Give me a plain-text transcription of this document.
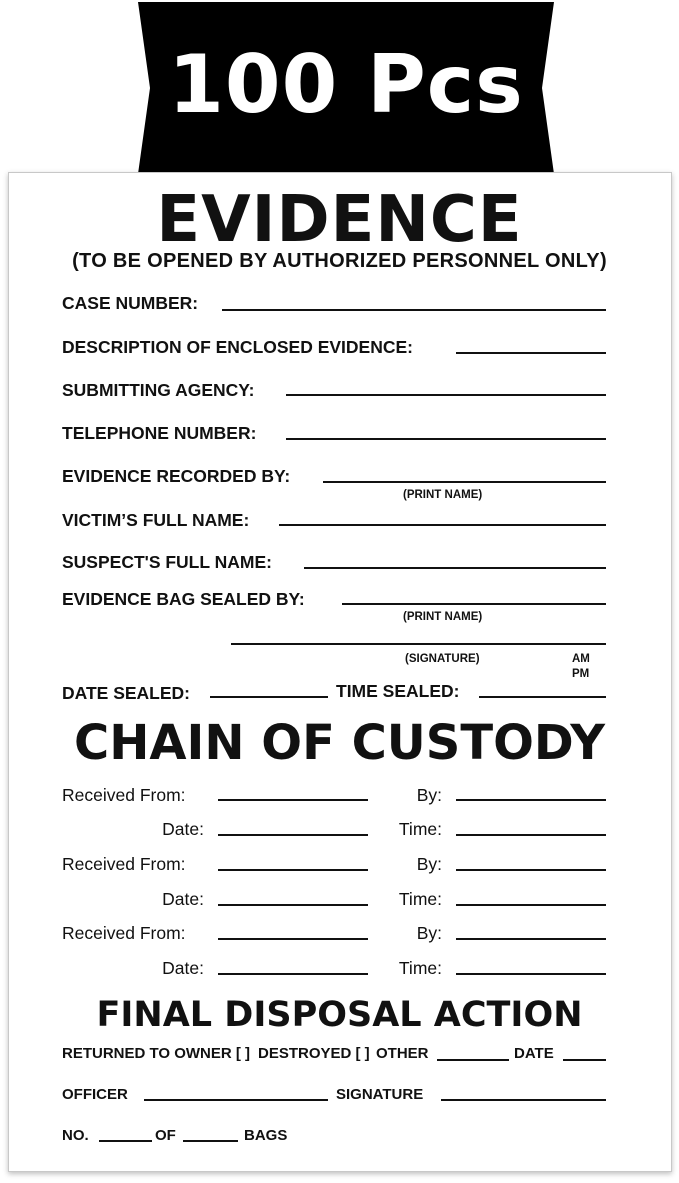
100 Pcs
EVIDENCE
(TO BE OPENED BY AUTHORIZED PERSONNEL ONLY)
CASE NUMBER:
DESCRIPTION OF ENCLOSED EVIDENCE:
SUBMITTING AGENCY:
TELEPHONE NUMBER:
EVIDENCE RECORDED BY:
(PRINT NAME)
VICTIM’S FULL NAME:
SUSPECT'S FULL NAME:
EVIDENCE BAG SEALED BY:
(PRINT NAME)
(SIGNATURE)	AM
PM
DATE SEALED:	TIME SEALED:
CHAIN OF CUSTODY
Received From:	By:
Date:	Time:
Received From:	By:
Date:	Time:
Received From:	By:
Date:	Time:
FINAL DISPOSAL ACTION
RETURNED TO OWNER [ ] DESTROYED [ ] OTHER	DATE
OFFICER	SIGNATURE
NO.	OF	BAGS
